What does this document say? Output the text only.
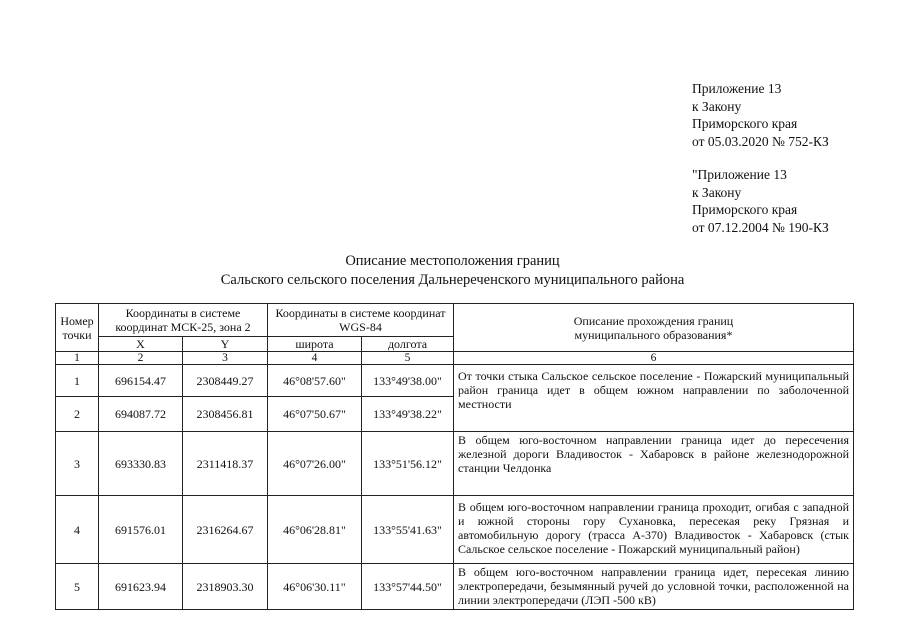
Приложение 13
к Закону
Приморского края
от 05.03.2020 № 752-КЗ
"Приложение 13
к Закону
Приморского края
от 07.12.2004 № 190-КЗ
Описание местоположения границ
Сальского сельского поселения Дальнереченского муниципального района
Номер точки	Координаты в системе координат МСК-25, зона 2		Координаты в системе координат WGS-84		Описание прохождения границ муниципального образования*
	X	Y	широта	долгота	
1	2	3	4	5	6
1	696154.47	2308449.27	46°08'57.60"	133°49'38.00"	От точки стыка Сальское сельское поселение - Пожарский муниципальный район граница идет в общем южном направлении по заболоченной местности
2	694087.72	2308456.81	46°07'50.67"	133°49'38.22"	
3	693330.83	2311418.37	46°07'26.00"	133°51'56.12"	В общем юго-восточном направлении граница идет до пересечения железной дороги Владивосток - Хабаровск в районе железнодорожной станции Челдонка
4	691576.01	2316264.67	46°06'28.81"	133°55'41.63"	В общем юго-восточном направлении граница проходит, огибая с западной и южной стороны гору Сухановка, пересекая реку Грязная и автомобильную дорогу (трасса А-370) Владивосток - Хабаровск (стык Сальское сельское поселение - Пожарский муниципальный район)
5	691623.94	2318903.30	46°06'30.11"	133°57'44.50"	В общем юго-восточном направлении граница идет, пересекая линию электропередачи, безымянный ручей до условной точки, расположенной на линии электропередачи (ЛЭП -500 кВ)
